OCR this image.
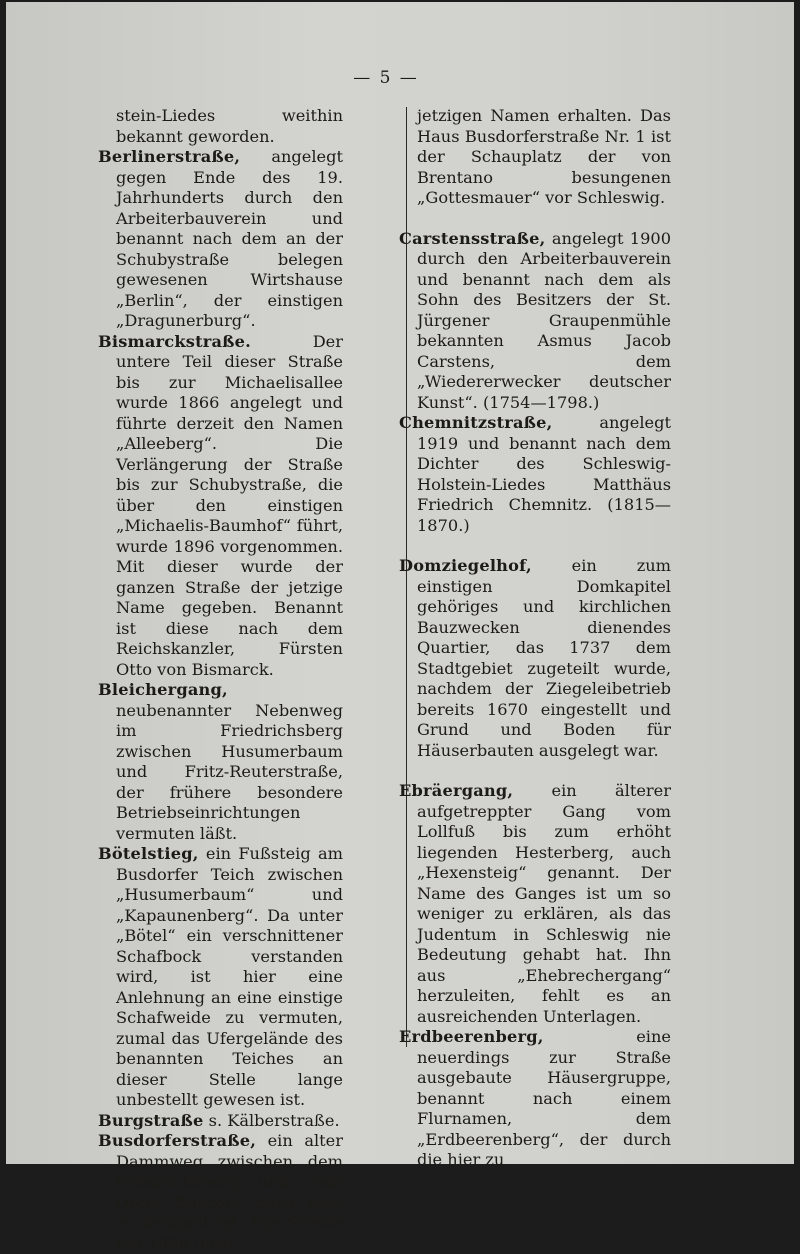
— 5 —

stein-Liedes weithin bekannt geworden.

Berlinerstraße, angelegt gegen Ende des 19. Jahrhunderts durch den Arbeiterbauverein und benannt nach dem an der Schubystraße belegen gewesenen Wirtshause „Berlin“, der einstigen „Dragunerburg“.

Bismarckstraße. Der untere Teil dieser Straße bis zur Michaelisallee wurde 1866 angelegt und führte derzeit den Namen „Alleeberg“. Die Verlängerung der Straße bis zur Schubystraße, die über den einstigen „Michaelis-Baumhof“ führt, wurde 1896 vorgenommen. Mit dieser wurde der ganzen Straße der jetzige Name gegeben. Benannt ist diese nach dem Reichskanzler, Fürsten Otto von Bismarck.

Bleichergang, neubenannter Nebenweg im Friedrichsberg zwischen Husumerbaum und Fritz-Reuterstraße, der frühere besondere Betriebseinrichtungen vermuten läßt.

Bötelstieg, ein Fußsteig am Busdorfer Teich zwischen „Husumerbaum“ und „Kapaunenberg“. Da unter „Bötel“ ein verschnittener Schafbock verstanden wird, ist hier eine Anlehnung an eine einstige Schafweide zu vermuten, zumal das Ufergelände des benannten Teiches an dieser Stelle lange unbestellt gewesen ist.

Burgstraße s. Kälberstraße.

Busdorferstraße, ein alter Dammweg zwischen dem Friedrichsberg und dem Dorfe Busdorf, nach dem er benannt ist. Die Straße hat 1888 ihren

jetzigen Namen erhalten. Das Haus Busdorferstraße Nr. 1 ist der Schauplatz der von Brentano besungenen „Gottesmauer“ vor Schleswig.

Carstensstraße, angelegt 1900 durch den Arbeiterbauverein und benannt nach dem als Sohn des Besitzers der St. Jürgener Graupenmühle bekannten Asmus Jacob Carstens, dem „Wiedererwecker deutscher Kunst“. (1754—1798.)

Chemnitzstraße, angelegt 1919 und benannt nach dem Dichter des Schleswig-Holstein-Liedes Matthäus Friedrich Chemnitz. (1815—1870.)

Domziegelhof, ein zum einstigen Domkapitel gehöriges und kirchlichen Bauzwecken dienendes Quartier, das 1737 dem Stadtgebiet zugeteilt wurde, nachdem der Ziegeleibetrieb bereits 1670 eingestellt und Grund und Boden für Häuserbauten ausgelegt war.

Ebräergang, ein älterer aufgetreppter Gang vom Lollfuß bis zum erhöht liegenden Hesterberg, auch „Hexensteig“ genannt. Der Name des Ganges ist um so weniger zu erklären, als das Judentum in Schleswig nie Bedeutung gehabt hat. Ihn aus „Ehebrechergang“ herzuleiten, fehlt es an ausreichenden Unterlagen.

Erdbeerenberg, eine neuerdings zur Straße ausgebaute Häusergruppe, benannt nach einem Flurnamen, dem „Erdbeerenberg“, der durch die hier zu
